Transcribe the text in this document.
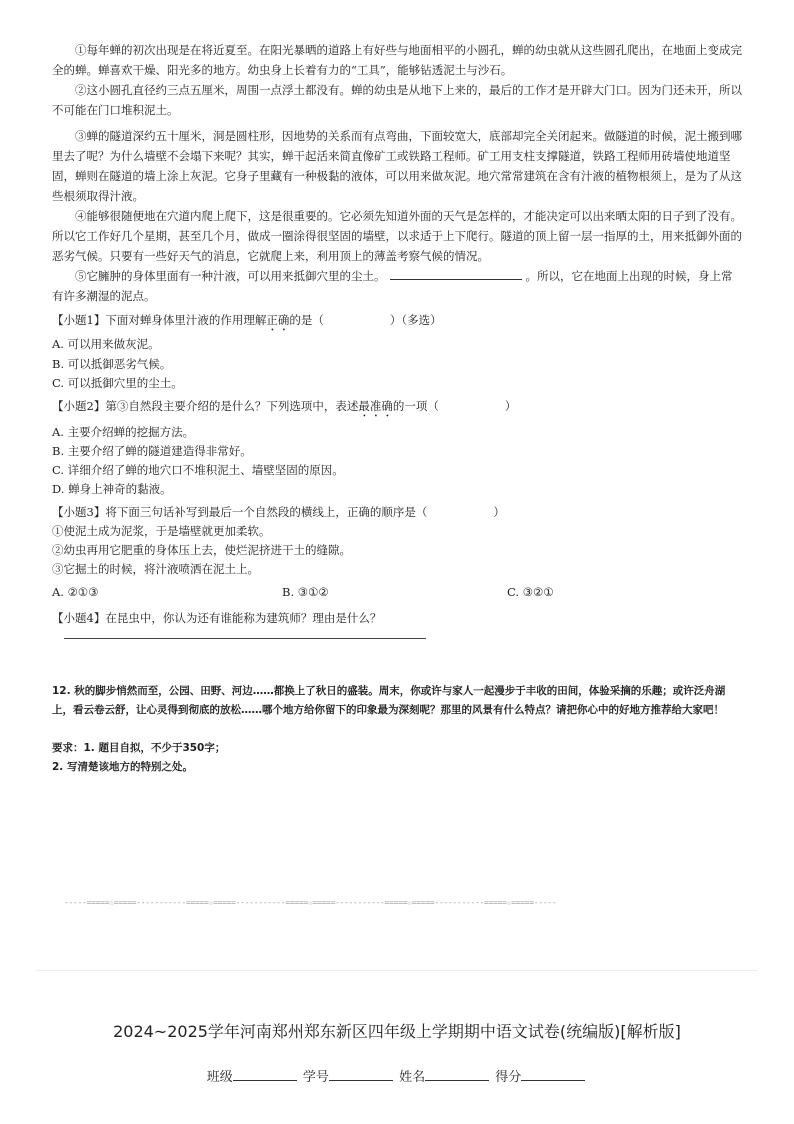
①每年蝉的初次出现是在将近夏至。在阳光暴晒的道路上有好些与地面相平的小圆孔，蝉的幼虫就从这些圆孔爬出，在地面上变成完全的蝉。蝉喜欢干燥、阳光多的地方。幼虫身上长着有力的“工具”，能够钻透泥土与沙石。

②这小圆孔直径约三点五厘米，周围一点浮土都没有。蝉的幼虫是从地下上来的，最后的工作才是开辟大门口。因为门还未开，所以不可能在门口堆积泥土。

③蝉的隧道深约五十厘米，洞是圆柱形，因地势的关系而有点弯曲，下面较宽大，底部却完全关闭起来。做隧道的时候，泥土搬到哪里去了呢？为什么墙壁不会塌下来呢？其实，蝉干起活来简直像矿工或铁路工程师。矿工用支柱支撑隧道，铁路工程师用砖墙使地道坚固，蝉则在隧道的墙上涂上灰泥。它身子里藏有一种极黏的液体，可以用来做灰泥。地穴常常建筑在含有汁液的植物根须上，是为了从这些根须取得汁液。

④能够很随便地在穴道内爬上爬下，这是很重要的。它必须先知道外面的天气是怎样的，才能决定可以出来晒太阳的日子到了没有。所以它工作好几个星期，甚至几个月，做成一圈涂得很坚固的墙壁，以求适于上下爬行。隧道的顶上留一层一指厚的土，用来抵御外面的恶劣气候。只要有一些好天气的消息，它就爬上来，利用顶上的薄盖考察气候的情况。

⑤它臃肿的身体里面有一种汁液，可以用来抵御穴里的尘土。	。所以，它在地面上出现的时候，身上常有许多潮湿的泥点。

【小题1】下面对蝉身体里汁液的作用理解正确的是（	）（多选）

A. 可以用来做灰泥。

B. 可以抵御恶劣气候。

C. 可以抵御穴里的尘土。

【小题2】第③自然段主要介绍的是什么？下列选项中，表述最准确的一项（	）

A. 主要介绍蝉的挖掘方法。

B. 主要介绍了蝉的隧道建造得非常好。

C. 详细介绍了蝉的地穴口不堆积泥土、墙壁坚固的原因。

D. 蝉身上神奇的黏液。

【小题3】将下面三句话补写到最后一个自然段的横线上，正确的顺序是（	）

①使泥土成为泥浆，于是墙壁就更加柔软。

②幼虫再用它肥重的身体压上去，使烂泥挤进干土的缝隙。

③它掘土的时候，将汁液喷洒在泥土上。

A. ②①③	B. ③①②	C. ③②①

【小题4】在昆虫中，你认为还有谁能称为建筑师？理由是什么？

12. 秋的脚步悄然而至，公园、田野、河边……都换上了秋日的盛装。周末，你或许与家人一起漫步于丰收的田间，体验采摘的乐趣；或许泛舟湖上，看云卷云舒，让心灵得到彻底的放松……哪个地方给你留下的印象最为深刻呢？那里的风景有什么特点？请把你心中的好地方推荐给大家吧！

要求：1. 题目自拟，不少于350字；

2. 写清楚该地方的特别之处。

-----=====☆=====-----------=====☆=====-----------=====☆=====-----------=====☆=====-----------=====☆=====-----
2024~2025学年河南郑州郑东新区四年级上学期期中语文试卷(统编版)[解析版]
班级	学号	姓名	得分
